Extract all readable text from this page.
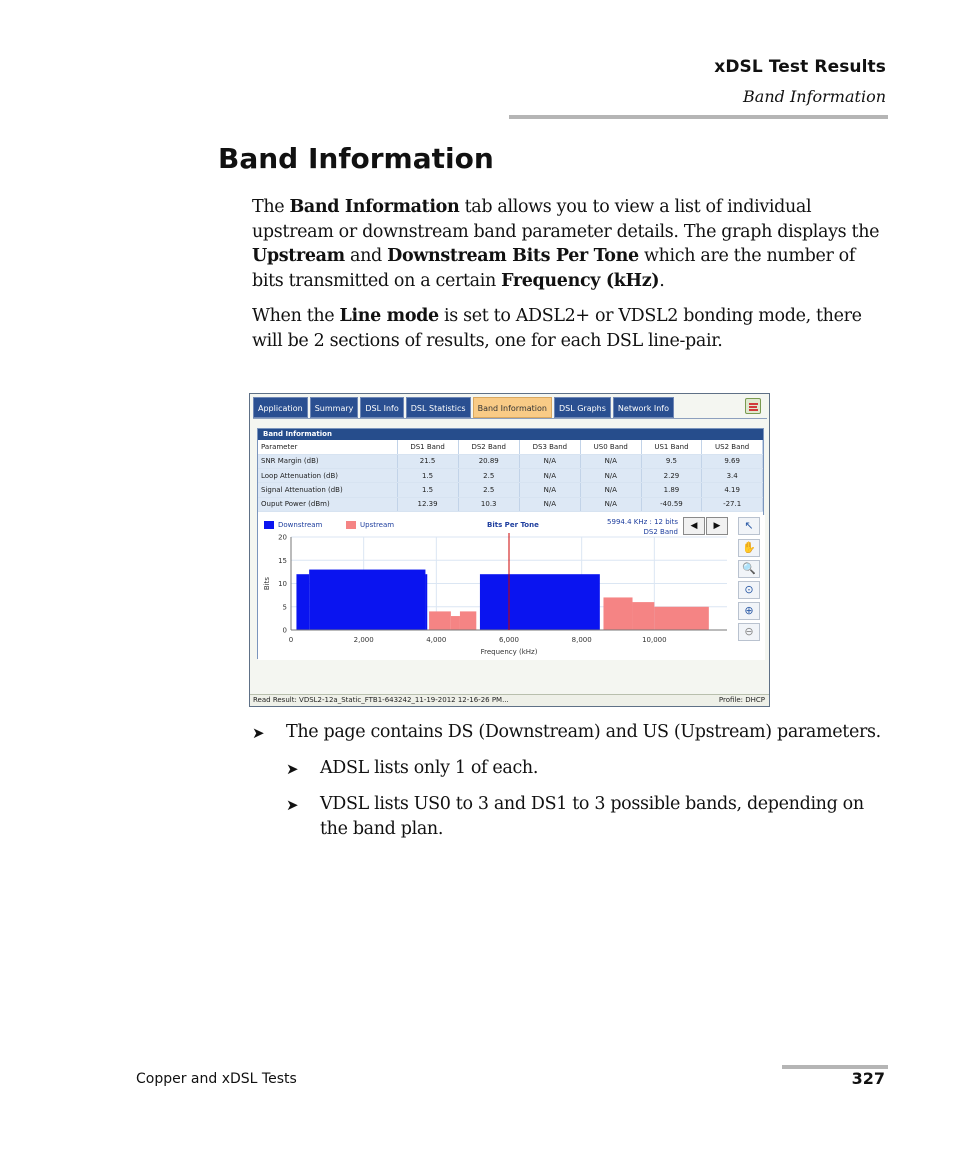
xDSL Test Results
Band Information
Band Information
The Band Information tab allows you to view a list of individual upstream or downstream band parameter details. The graph displays the Upstream and Downstream Bits Per Tone which are the number of bits transmitted on a certain Frequency (kHz).
When the Line mode is set to ADSL2+ or VDSL2 bonding mode, there will be 2 sections of results, one for each DSL line-pair.
Application	Summary	DSL Info	DSL Statistics	Band Information	DSL Graphs	Network Info
Band Information
Parameter	DS1 Band	DS2 Band	DS3 Band	US0 Band	US1 Band	US2 Band
SNR Margin (dB)	21.5	20.89	N/A	N/A	9.5	9.69
Loop Attenuation (dB)	1.5	2.5	N/A	N/A	2.29	3.4
Signal Attenuation (dB)	1.5	2.5	N/A	N/A	1.89	4.19
Ouput Power (dBm)	12.39	10.3	N/A	N/A	-40.59	-27.1
Downstream	Upstream	Bits Per Tone	5994.4 KHz : 12 bits
DS2 Band
◀	▶
0
5
10
15
20
0	2,000	4,000	6,000	8,000	10,000
Frequency (kHz)
Bits
↖
✋
🔍
⊙
⊕
⊖
Read Result: VDSL2-12a_Static_FTB1-643242_11-19-2012 12-16-26 PM...	Profile: DHCP
➤ The page contains DS (Downstream) and US (Upstream) parameters.
➤ ADSL lists only 1 of each.
➤ VDSL lists US0 to 3 and DS1 to 3 possible bands, depending on the band plan.
Copper and xDSL Tests	327
